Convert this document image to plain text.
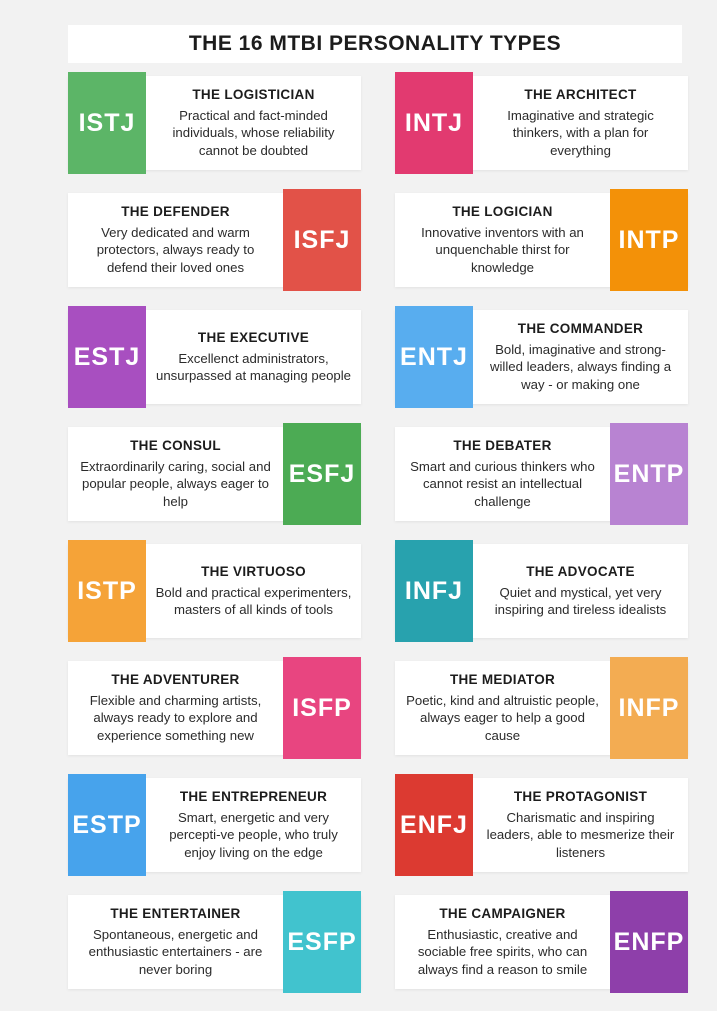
THE 16 MTBI PERSONALITY TYPES
ISTJ
THE LOGISTICIAN
Practical and fact-minded individuals, whose reliability cannot be doubted
INTJ
THE ARCHITECT
Imaginative and strategic thinkers, with a plan for everything
ISFJ
THE DEFENDER
Very dedicated and warm protectors, always ready to defend their loved ones
INTP
THE LOGICIAN
Innovative inventors with an unquenchable thirst for knowledge
ESTJ
THE EXECUTIVE
Excellenct administrators, unsurpassed at managing people
ENTJ
THE COMMANDER
Bold, imaginative and strong-willed leaders, always finding a way - or making one
ESFJ
THE CONSUL
Extraordinarily caring, social and popular people, always eager to help
ENTP
THE DEBATER
Smart and curious thinkers who cannot resist an intellectual challenge
ISTP
THE VIRTUOSO
Bold and practical experimenters, masters of all kinds of tools
INFJ
THE ADVOCATE
Quiet and mystical, yet very inspiring and tireless idealists
ISFP
THE ADVENTURER
Flexible and charming artists, always ready to explore and experience something new
INFP
THE MEDIATOR
Poetic, kind and altruistic people, always eager to help a good cause
ESTP
THE ENTREPRENEUR
Smart, energetic and very percepti-ve people, who truly enjoy living on the edge
ENFJ
THE PROTAGONIST
Charismatic and inspiring leaders, able to mesmerize their listeners
ESFP
THE ENTERTAINER
Spontaneous, energetic and enthusiastic entertainers - are never boring
ENFP
THE CAMPAIGNER
Enthusiastic, creative and sociable free spirits, who can always find a reason to smile
